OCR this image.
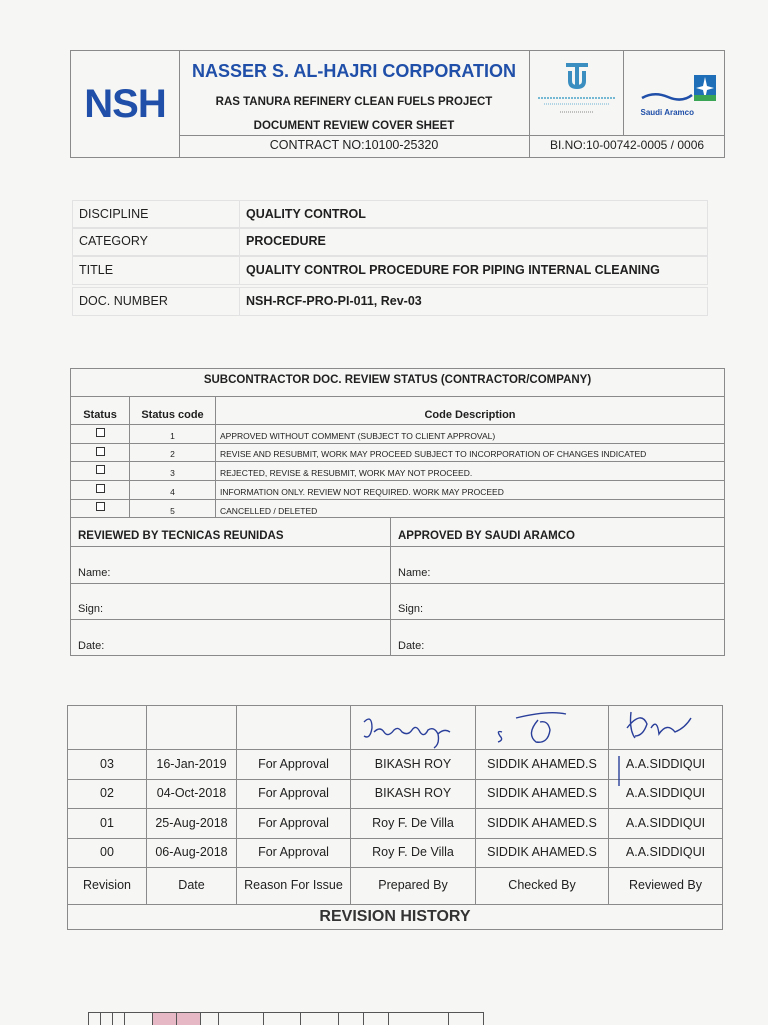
NSH
NASSER S. AL-HAJRI CORPORATION
RAS TANURA REFINERY CLEAN FUELS PROJECT
DOCUMENT REVIEW COVER SHEET
CONTRACT NO:10100-25320	BI.NO:10-00742-0005 / 0006
Saudi Aramco
DISCIPLINE	QUALITY CONTROL
CATEGORY	PROCEDURE
TITLE	QUALITY CONTROL PROCEDURE FOR PIPING INTERNAL CLEANING
DOC. NUMBER	NSH-RCF-PRO-PI-011, Rev-03
SUBCONTRACTOR DOC. REVIEW STATUS (CONTRACTOR/COMPANY)
Status	Status code	Code Description
1	APPROVED WITHOUT COMMENT (SUBJECT TO CLIENT APPROVAL)
2	REVISE AND RESUBMIT, WORK MAY PROCEED SUBJECT TO INCORPORATION OF CHANGES INDICATED
3	REJECTED, REVISE & RESUBMIT, WORK MAY NOT PROCEED.
4	INFORMATION ONLY. REVIEW NOT REQUIRED. WORK MAY PROCEED
5	CANCELLED / DELETED
REVIEWED BY TECNICAS REUNIDAS	APPROVED BY SAUDI ARAMCO
Name:	Name:
Sign:	Sign:
Date:	Date:
03	16-Jan-2019	For Approval	BIKASH ROY	SIDDIK AHAMED.S	A.A.SIDDIQUI
02	04-Oct-2018	For Approval	BIKASH ROY	SIDDIK AHAMED.S	A.A.SIDDIQUI
01	25-Aug-2018	For Approval	Roy F. De Villa	SIDDIK AHAMED.S	A.A.SIDDIQUI
00	06-Aug-2018	For Approval	Roy F. De Villa	SIDDIK AHAMED.S	A.A.SIDDIQUI
Revision	Date	Reason For Issue	Prepared By	Checked By	Reviewed By
REVISION HISTORY
